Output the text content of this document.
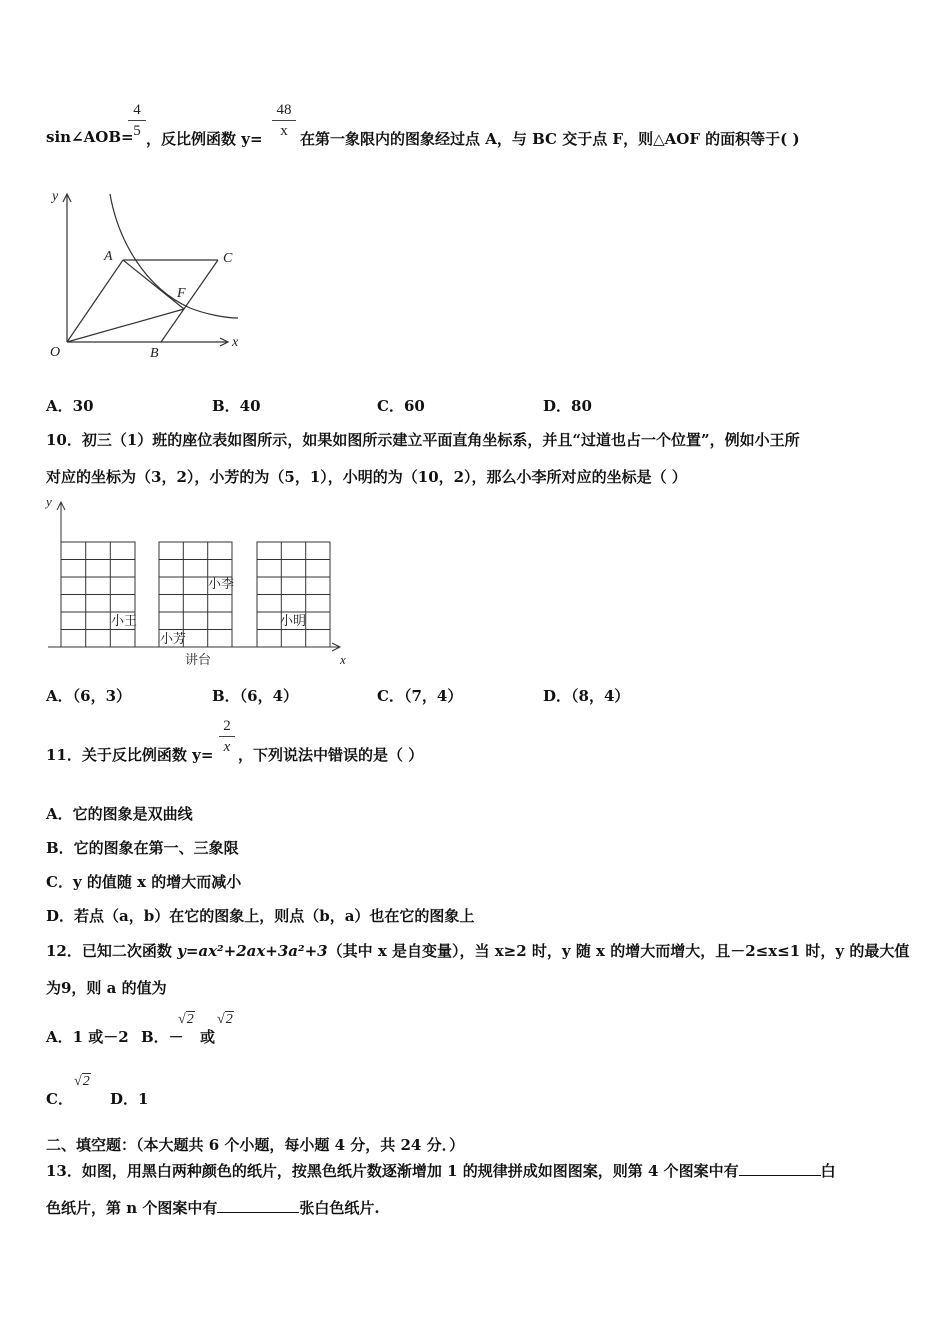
sin∠AOB=
4
5 ，反比例函数 y=
48
x 在第一象限内的图象经过点 A，与 BC 交于点 F，则△AOF 的面积等于( )
y
x
O
A
B
C
F
A．30	B．40	C．60	D．80
10．初三（1）班的座位表如图所示，如果如图所示建立平面直角坐标系，并且“过道也占一个位置”，例如小王所
对应的坐标为（3，2），小芳的为（5，1），小明的为（10，2），那么小李所对应的坐标是（ ）
y
x
小王
小芳
小李
小明
讲台
A．（6，3）	B．（6，4）	C．（7，4）	D．（8，4）
11．关于反比例函数 y=
2
x ，下列说法中错误的是（ ）
A．它的图象是双曲线
B．它的图象在第一、三象限
C．y 的值随 x 的增大而减小
D．若点（a，b）在它的图象上，则点（b，a）也在它的图象上
12．已知二次函数 y=ax²+2ax+3a²+3（其中 x 是自变量），当 x≥2 时，y 随 x 的增大而增大，且－2≤x≤1 时，y 的最大值
为9，则 a 的值为
A．1 或－2 B．－
√2
或
√2
C．
√2
D．1
二、填空题：（本大题共 6 个小题，每小题 4 分，共 24 分．）
13．如图，用黑白两种颜色的纸片，按黑色纸片数逐渐增加 1 的规律拼成如图图案，则第 4 个图案中有	白
色纸片，第 n 个图案中有	张白色纸片.
